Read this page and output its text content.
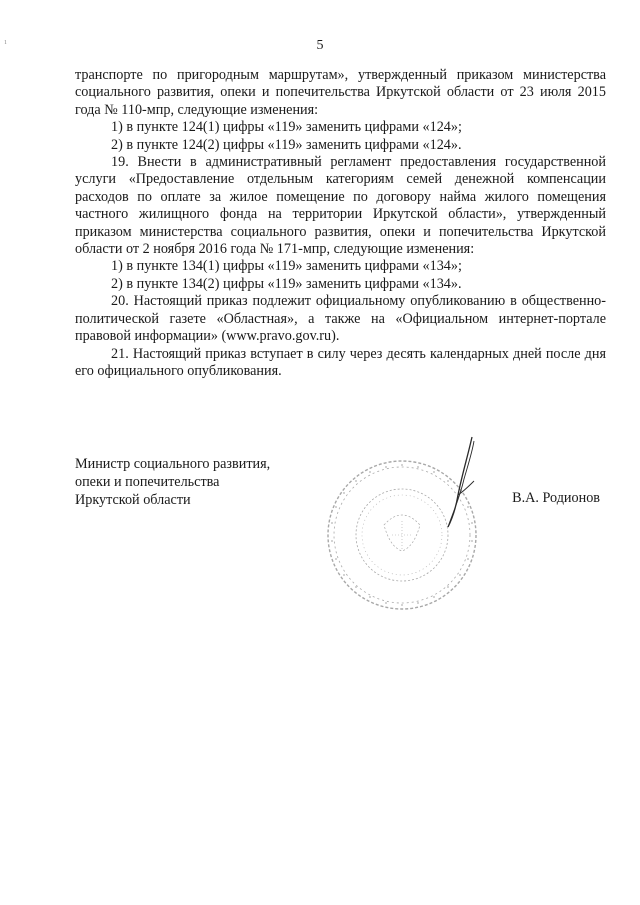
1	5

транспорте по пригородным маршрутам», утвержденный приказом министерства социального развития, опеки и попечительства Иркутской области от 23 июля 2015 года № 110-мпр, следующие изменения:

1) в пункте 124(1) цифры «119» заменить цифрами «124»;

2) в пункте 124(2) цифры «119» заменить цифрами «124».

19. Внести в административный регламент предоставления государственной услуги «Предоставление отдельным категориям семей денежной компенсации расходов по оплате за жилое помещение по договору найма жилого помещения частного жилищного фонда на территории Иркутской области», утвержденный приказом министерства социального развития, опеки и попечительства Иркутской области от 2 ноября 2016 года № 171-мпр, следующие изменения:

1) в пункте 134(1) цифры «119» заменить цифрами «134»;

2) в пункте 134(2) цифры «119» заменить цифрами «134».

20. Настоящий приказ подлежит официальному опубликованию в общественно-политической газете «Областная», а также на «Официальном интернет-портале правовой информации» (www.pravo.gov.ru).

21. Настоящий приказ вступает в силу через десять календарных дней после дня его официального опубликования.

Министр социального развития,
опеки и попечительства
Иркутской области	В.А. Родионов
